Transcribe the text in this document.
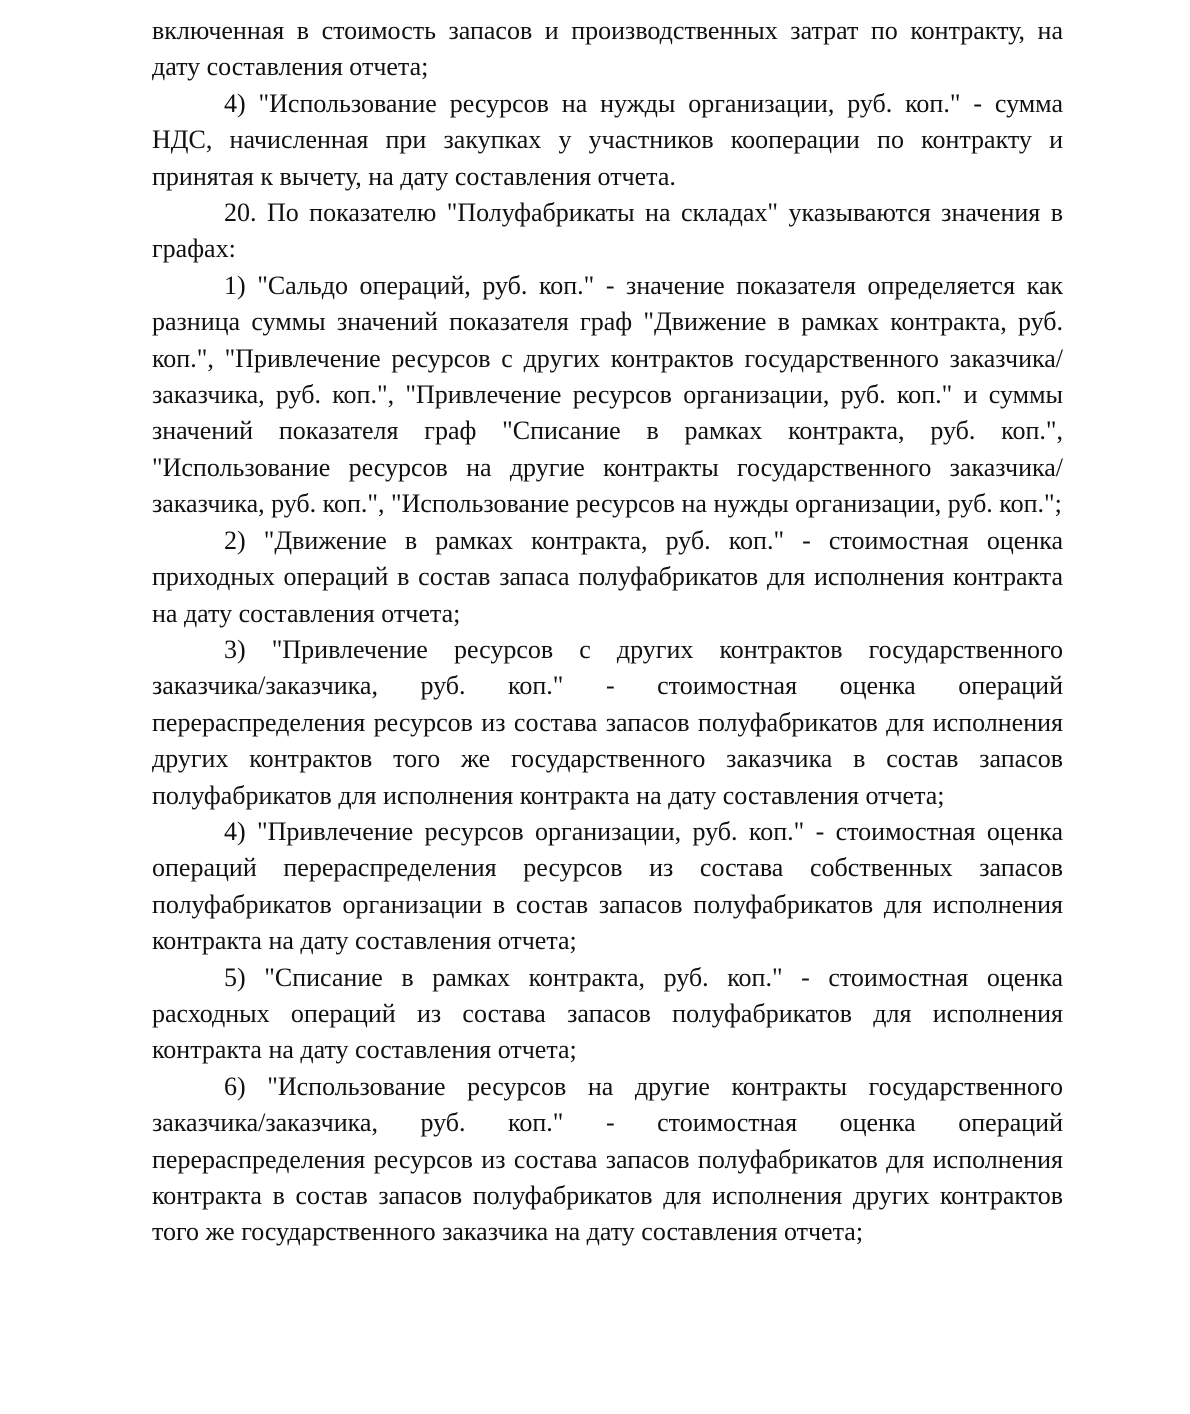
включенная в стоимость запасов и производственных затрат по контракту, на дату составления отчета;

4) "Использование ресурсов на нужды организации, руб. коп." - сумма НДС, начисленная при закупках у участников кооперации по контракту и принятая к вычету, на дату составления отчета.

20. По показателю "Полуфабрикаты на складах" указываются значения в графах:

1) "Сальдо операций, руб. коп." - значение показателя определяется как разница суммы значений показателя граф "Движение в рамках контракта, руб. коп.", "Привлечение ресурсов с других контрактов государственного заказчика/заказчика, руб. коп.", "Привлечение ресурсов организации, руб. коп." и суммы значений показателя граф "Списание в рамках контракта, руб. коп.", "Использование ресурсов на другие контракты государственного заказчика/заказчика, руб. коп.", "Использование ресурсов на нужды организации, руб. коп.";

2) "Движение в рамках контракта, руб. коп." - стоимостная оценка приходных операций в состав запаса полуфабрикатов для исполнения контракта на дату составления отчета;

3) "Привлечение ресурсов с других контрактов государственного заказчика/заказчика, руб. коп." - стоимостная оценка операций перераспределения ресурсов из состава запасов полуфабрикатов для исполнения других контрактов того же государственного заказчика в состав запасов полуфабрикатов для исполнения контракта на дату составления отчета;

4) "Привлечение ресурсов организации, руб. коп." - стоимостная оценка операций перераспределения ресурсов из состава собственных запасов полуфабрикатов организации в состав запасов полуфабрикатов для исполнения контракта на дату составления отчета;

5) "Списание в рамках контракта, руб. коп." - стоимостная оценка расходных операций из состава запасов полуфабрикатов для исполнения контракта на дату составления отчета;

6) "Использование ресурсов на другие контракты государственного заказчика/заказчика, руб. коп." - стоимостная оценка операций перераспределения ресурсов из состава запасов полуфабрикатов для исполнения контракта в состав запасов полуфабрикатов для исполнения других контрактов того же государственного заказчика на дату составления отчета;
